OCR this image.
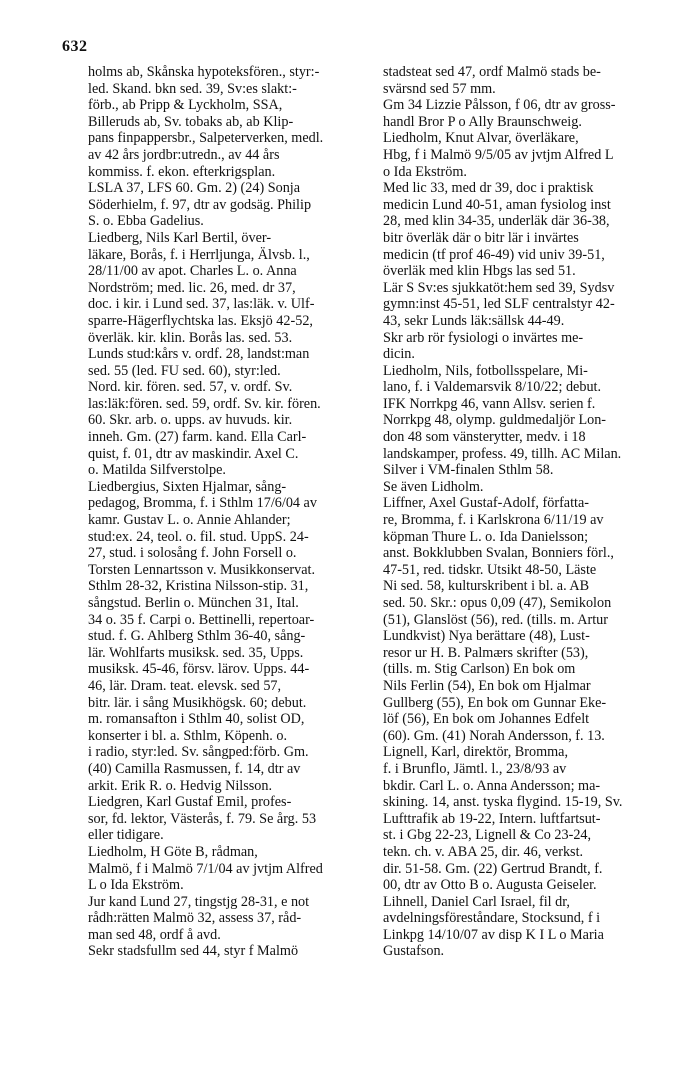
632
holms ab, Skånska hypoteksfören., styr:-
led. Skand. bkn sed. 39, Sv:es slakt:-
förb., ab Pripp & Lyckholm, SSA,
Billeruds ab, Sv. tobaks ab, ab Klip-
pans finpappersbr., Salpeterverken, medl.
av 42 års jordbr:utredn., av 44 års
kommiss. f. ekon. efterkrigsplan.
LSLA 37, LFS 60. Gm. 2) (24) Sonja
Söderhielm, f. 97, dtr av godsäg. Philip
S. o. Ebba Gadelius.
Liedberg, Nils Karl Bertil, över-
läkare, Borås, f. i Herrljunga, Älvsb. l.,
28/11/00 av apot. Charles L. o. Anna
Nordström; med. lic. 26, med. dr 37,
doc. i kir. i Lund sed. 37, las:läk. v. Ulf-
sparre-Hägerflychtska las. Eksjö 42-52,
överläk. kir. klin. Borås las. sed. 53.
Lunds stud:kårs v. ordf. 28, landst:man
sed. 55 (led. FU sed. 60), styr:led.
Nord. kir. fören. sed. 57, v. ordf. Sv.
las:läk:fören. sed. 59, ordf. Sv. kir. fören.
60. Skr. arb. o. upps. av huvuds. kir.
inneh. Gm. (27) farm. kand. Ella Carl-
quist, f. 01, dtr av maskindir. Axel C.
o. Matilda Silfverstolpe.
Liedbergius, Sixten Hjalmar, sång-
pedagog, Bromma, f. i Sthlm 17/6/04 av
kamr. Gustav L. o. Annie Ahlander;
stud:ex. 24, teol. o. fil. stud. UppS. 24-
27, stud. i solosång f. John Forsell o.
Torsten Lennartsson v. Musikkonservat.
Sthlm 28-32, Kristina Nilsson-stip. 31,
sångstud. Berlin o. München 31, Ital.
34 o. 35 f. Carpi o. Bettinelli, repertoar-
stud. f. G. Ahlberg Sthlm 36-40, sång-
lär. Wohlfarts musiksk. sed. 35, Upps.
musiksk. 45-46, försv. lärov. Upps. 44-
46, lär. Dram. teat. elevsk. sed 57,
bitr. lär. i sång Musikhögsk. 60; debut.
m. romansafton i Sthlm 40, solist OD,
konserter i bl. a. Sthlm, Köpenh. o.
i radio, styr:led. Sv. sångped:förb. Gm.
(40) Camilla Rasmussen, f. 14, dtr av
arkit. Erik R. o. Hedvig Nilsson.
Liedgren, Karl Gustaf Emil, profes-
sor, fd. lektor, Västerås, f. 79. Se årg. 53
eller tidigare.
Liedholm, H Göte B, rådman,
Malmö, f i Malmö 7/1/04 av jvtjm Alfred
L o Ida Ekström.
Jur kand Lund 27, tingstjg 28-31, e not
rådh:rätten Malmö 32, assess 37, råd-
man sed 48, ordf å avd.
Sekr stadsfullm sed 44, styr f Malmö
stadsteat sed 47, ordf Malmö stads be-
svärsnd sed 57 mm.
Gm 34 Lizzie Pålsson, f 06, dtr av gross-
handl Bror P o Ally Braunschweig.
Liedholm, Knut Alvar, överläkare,
Hbg, f i Malmö 9/5/05 av jvtjm Alfred L
o Ida Ekström.
Med lic 33, med dr 39, doc i praktisk
medicin Lund 40-51, aman fysiolog inst
28, med klin 34-35, underläk där 36-38,
bitr överläk där o bitr lär i invärtes
medicin (tf prof 46-49) vid univ 39-51,
överläk med klin Hbgs las sed 51.
Lär S Sv:es sjukkatöt:hem sed 39, Sydsv
gymn:inst 45-51, led SLF centralstyr 42-
43, sekr Lunds läk:sällsk 44-49.
Skr arb rör fysiologi o invärtes me-
dicin.
Liedholm, Nils, fotbollsspelare, Mi-
lano, f. i Valdemarsvik 8/10/22; debut.
IFK Norrkpg 46, vann Allsv. serien f.
Norrkpg 48, olymp. guldmedaljör Lon-
don 48 som vänsterytter, medv. i 18
landskamper, profess. 49, tillh. AC Milan.
Silver i VM-finalen Sthlm 58.
Se även Lidholm.
Liffner, Axel Gustaf-Adolf, författa-
re, Bromma, f. i Karlskrona 6/11/19 av
köpman Thure L. o. Ida Danielsson;
anst. Bokklubben Svalan, Bonniers förl.,
47-51, red. tidskr. Utsikt 48-50, Läste
Ni sed. 58, kulturskribent i bl. a. AB
sed. 50. Skr.: opus 0,09 (47), Semikolon
(51), Glanslöst (56), red. (tills. m. Artur
Lundkvist) Nya berättare (48), Lust-
resor ur H. B. Palmærs skrifter (53),
(tills. m. Stig Carlson) En bok om
Nils Ferlin (54), En bok om Hjalmar
Gullberg (55), En bok om Gunnar Eke-
löf (56), En bok om Johannes Edfelt
(60). Gm. (41) Norah Andersson, f. 13.
Lignell, Karl, direktör, Bromma,
f. i Brunflo, Jämtl. l., 23/8/93 av
bkdir. Carl L. o. Anna Andersson; ma-
skining. 14, anst. tyska flygind. 15-19, Sv.
Lufttrafik ab 19-22, Intern. luftfartsut-
st. i Gbg 22-23, Lignell & Co 23-24,
tekn. ch. v. ABA 25, dir. 46, verkst.
dir. 51-58. Gm. (22) Gertrud Brandt, f.
00, dtr av Otto B o. Augusta Geiseler.
Lihnell, Daniel Carl Israel, fil dr,
avdelningsföreståndare, Stocksund, f i
Linkpg 14/10/07 av disp K I L o Maria
Gustafson.
